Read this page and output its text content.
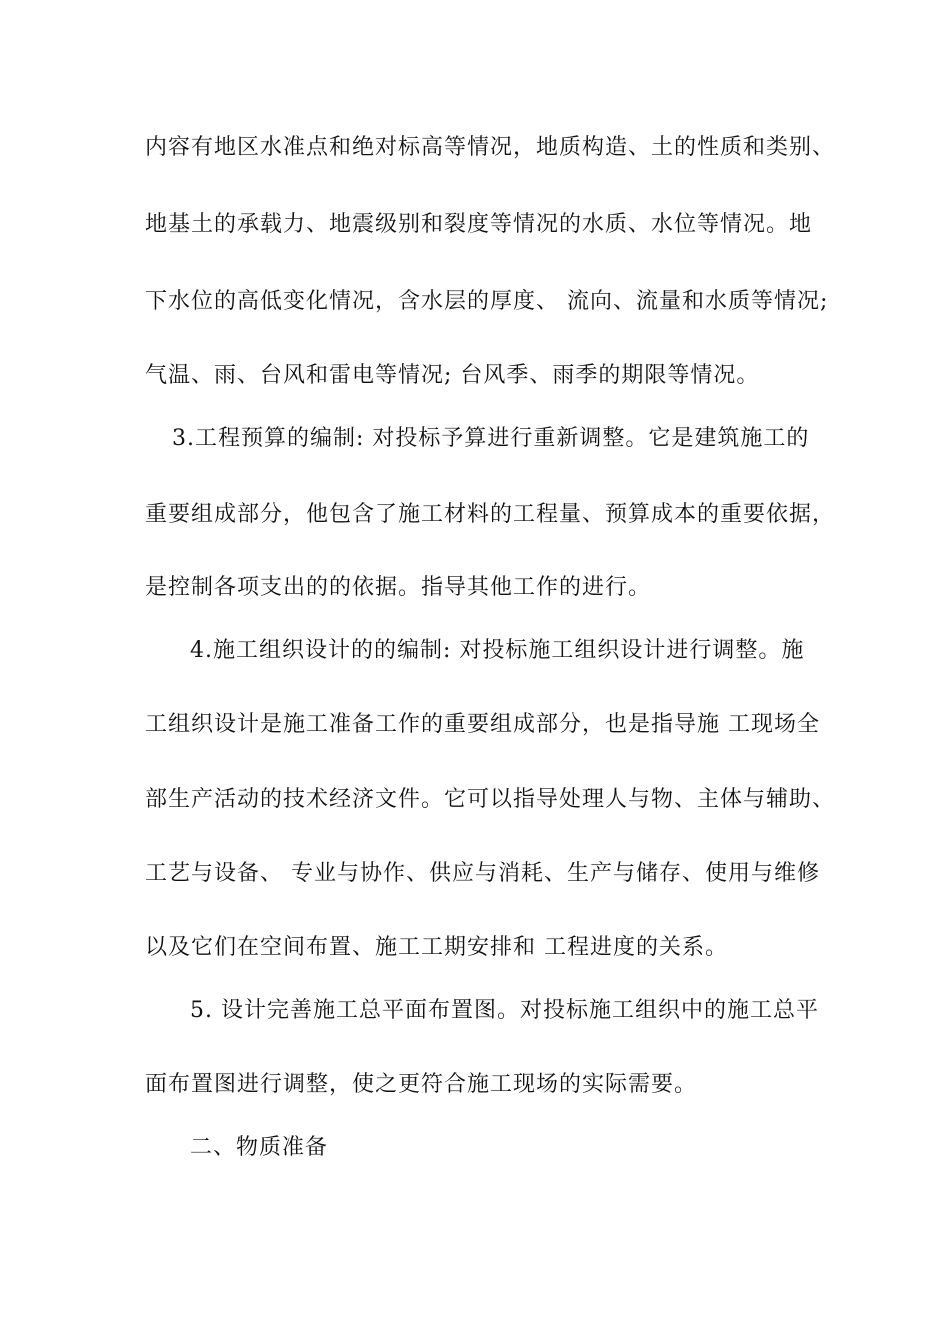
内容有地区水准点和绝对标高等情况，地质构造、土的性质和类别、
地基土的承载力、地震级别和裂度等情况的水质、水位等情况。地
下水位的高低变化情况，含水层的厚度、 流向、流量和水质等情况;
气温、雨、台风和雷电等情况; 台风季、雨季的期限等情况。
3.工程预算的编制: 对投标予算进行重新调整。它是建筑施工的
重要组成部分，他包含了施工材料的工程量、预算成本的重要依据，
是控制各项支出的的依据。指导其他工作的进行。
4.施工组织设计的的编制: 对投标施工组织设计进行调整。施
工组织设计是施工准备工作的重要组成部分，也是指导施 工现场全
部生产活动的技术经济文件。它可以指导处理人与物、主体与辅助、
工艺与设备、 专业与协作、供应与消耗、生产与储存、使用与维修
以及它们在空间布置、施工工期安排和 工程进度的关系。
5. 设计完善施工总平面布置图。对投标施工组织中的施工总平
面布置图进行调整，使之更符合施工现场的实际需要。
二、物质准备
